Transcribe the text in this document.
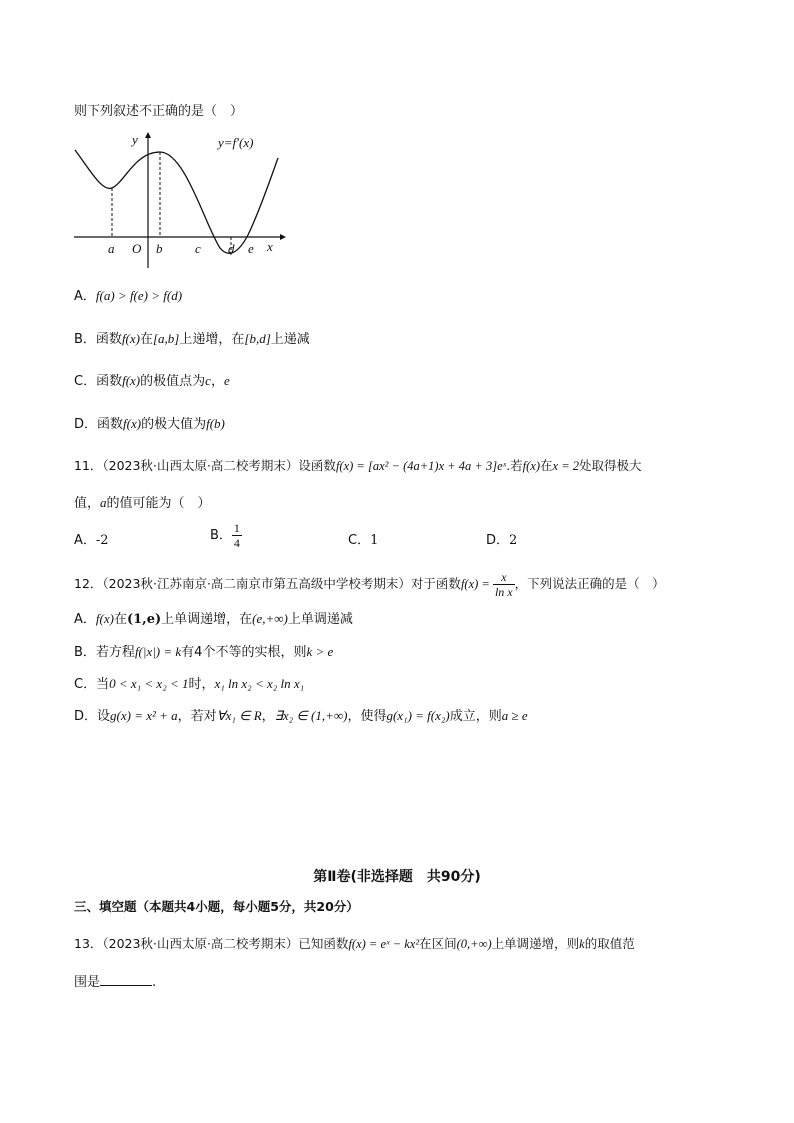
则下列叙述不正确的是（　）
y	y=f′(x)
x
a O b	c d e
A．f(a) > f(e) > f(d)
B．函数f(x)在[a,b]上递增，在[b,d]上递减
C．函数f(x)的极值点为c，e
D．函数f(x)的极大值为f(b)
11．（2023秋·山西太原·高二校考期末）设函数f(x) = [ax² − (4a+1)x + 4a + 3]eˣ.若f(x)在x = 2处取得极大
值，a的值可能为（　）
A．-2	B． $\frac{1}{4}$	C．1	D．2
12．（2023秋·江苏南京·高二南京市第五高级中学校考期末）对于函数$f(x) = \frac{x}{\text{ln x}}$ ，下列说法正确的是（　）
A．f(x)在(1,e)上单调递增，在(e,+∞)上单调递减
B．若方程f(|x|) = k有4个不等的实根，则k > e
C．当0 < x₁ < x₂ < 1时，x₁ ln x₂ < x₂ ln x₁
D．设g(x) = x² + a，若对∀x₁ ∈ R，∃x₂ ∈ (1,+∞)，使得g(x₁) = f(x₂)成立，则a ≥ e
第Ⅱ卷(非选择题　共90分)
三、填空题（本题共4小题，每小题5分，共20分）
13．（2023秋·山西太原·高二校考期末）已知函数f(x) = eˣ − kx²在区间(0,+∞)上单调递增，则k的取值范
围是	.
